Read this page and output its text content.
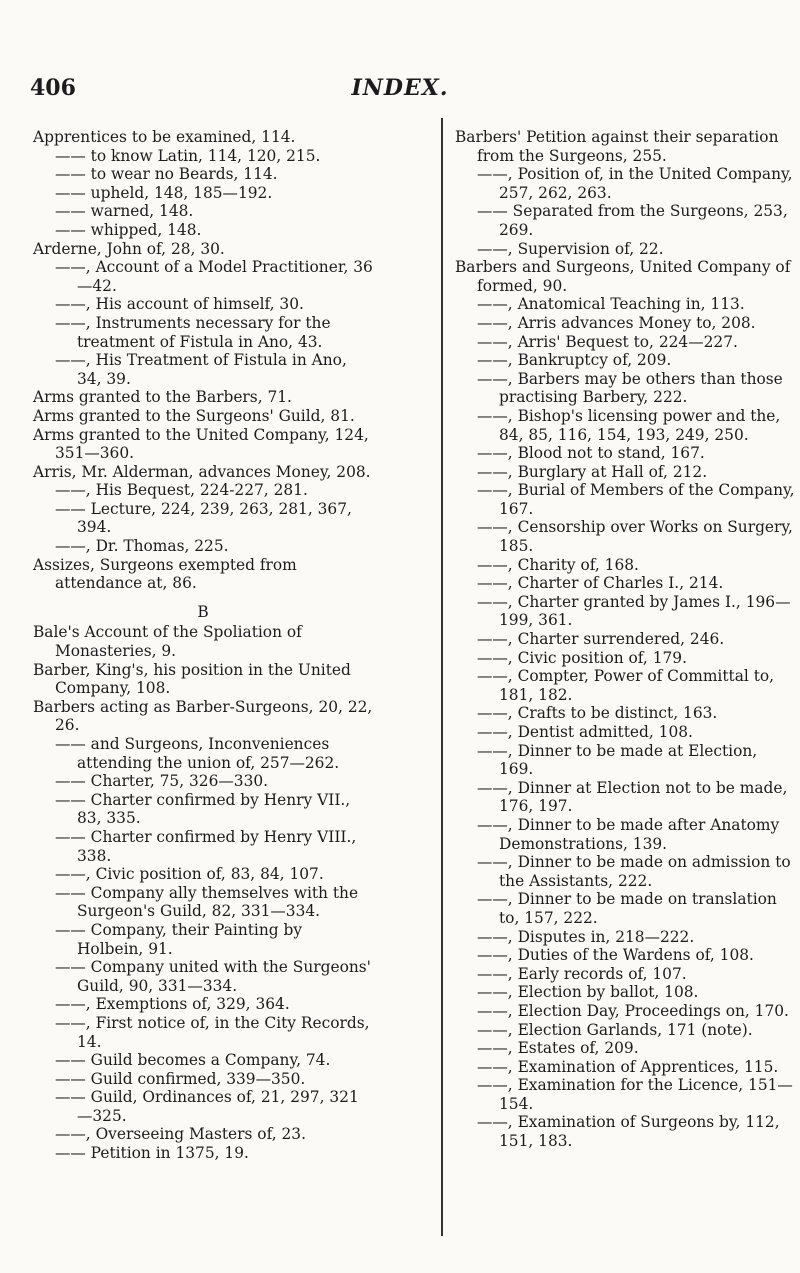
INDEX.
406

Apprentices to be examined, 114.

—— to know Latin, 114, 120, 215.

—— to wear no Beards, 114.

—— upheld, 148, 185—192.

—— warned, 148.

—— whipped, 148.

Arderne, John of, 28, 30.

——, Account of a Model Practitioner, 36—42.

——, His account of himself, 30.

——, Instruments necessary for the treatment of Fistula in Ano, 43.

——, His Treatment of Fistula in Ano, 34, 39.

Arms granted to the Barbers, 71.

Arms granted to the Surgeons' Guild, 81.

Arms granted to the United Company, 124, 351—360.

Arris, Mr. Alderman, advances Money, 208.

——, His Bequest, 224-227, 281.

—— Lecture, 224, 239, 263, 281, 367, 394.

——, Dr. Thomas, 225.

Assizes, Surgeons exempted from attendance at, 86.

B

Bale's Account of the Spoliation of Monasteries, 9.

Barber, King's, his position in the United Company, 108.

Barbers acting as Barber-Surgeons, 20, 22, 26.

—— and Surgeons, Inconveniences attending the union of, 257—262.

—— Charter, 75, 326—330.

—— Charter confirmed by Henry VII., 83, 335.

—— Charter confirmed by Henry VIII., 338.

——, Civic position of, 83, 84, 107.

—— Company ally themselves with the Surgeon's Guild, 82, 331—334.

—— Company, their Painting by Holbein, 91.

—— Company united with the Surgeons' Guild, 90, 331—334.

——, Exemptions of, 329, 364.

——, First notice of, in the City Records, 14.

—— Guild becomes a Company, 74.

—— Guild confirmed, 339—350.

—— Guild, Ordinances of, 21, 297, 321—325.

——, Overseeing Masters of, 23.

—— Petition in 1375, 19.

Barbers' Petition against their separation from the Surgeons, 255.

——, Position of, in the United Company, 257, 262, 263.

—— Separated from the Surgeons, 253, 269.

——, Supervision of, 22.

Barbers and Surgeons, United Company of formed, 90.

——, Anatomical Teaching in, 113.

——, Arris advances Money to, 208.

——, Arris' Bequest to, 224—227.

——, Bankruptcy of, 209.

——, Barbers may be others than those practising Barbery, 222.

——, Bishop's licensing power and the, 84, 85, 116, 154, 193, 249, 250.

——, Blood not to stand, 167.

——, Burglary at Hall of, 212.

——, Burial of Members of the Company, 167.

——, Censorship over Works on Surgery, 185.

——, Charity of, 168.

——, Charter of Charles I., 214.

——, Charter granted by James I., 196—199, 361.

——, Charter surrendered, 246.

——, Civic position of, 179.

——, Compter, Power of Committal to, 181, 182.

——, Crafts to be distinct, 163.

——, Dentist admitted, 108.

——, Dinner to be made at Election, 169.

——, Dinner at Election not to be made, 176, 197.

——, Dinner to be made after Anatomy Demonstrations, 139.

——, Dinner to be made on admission to the Assistants, 222.

——, Dinner to be made on translation to, 157, 222.

——, Disputes in, 218—222.

——, Duties of the Wardens of, 108.

——, Early records of, 107.

——, Election by ballot, 108.

——, Election Day, Proceedings on, 170.

——, Election Garlands, 171 (note).

——, Estates of, 209.

——, Examination of Apprentices, 115.

——, Examination for the Licence, 151—154.

——, Examination of Surgeons by, 112, 151, 183.
